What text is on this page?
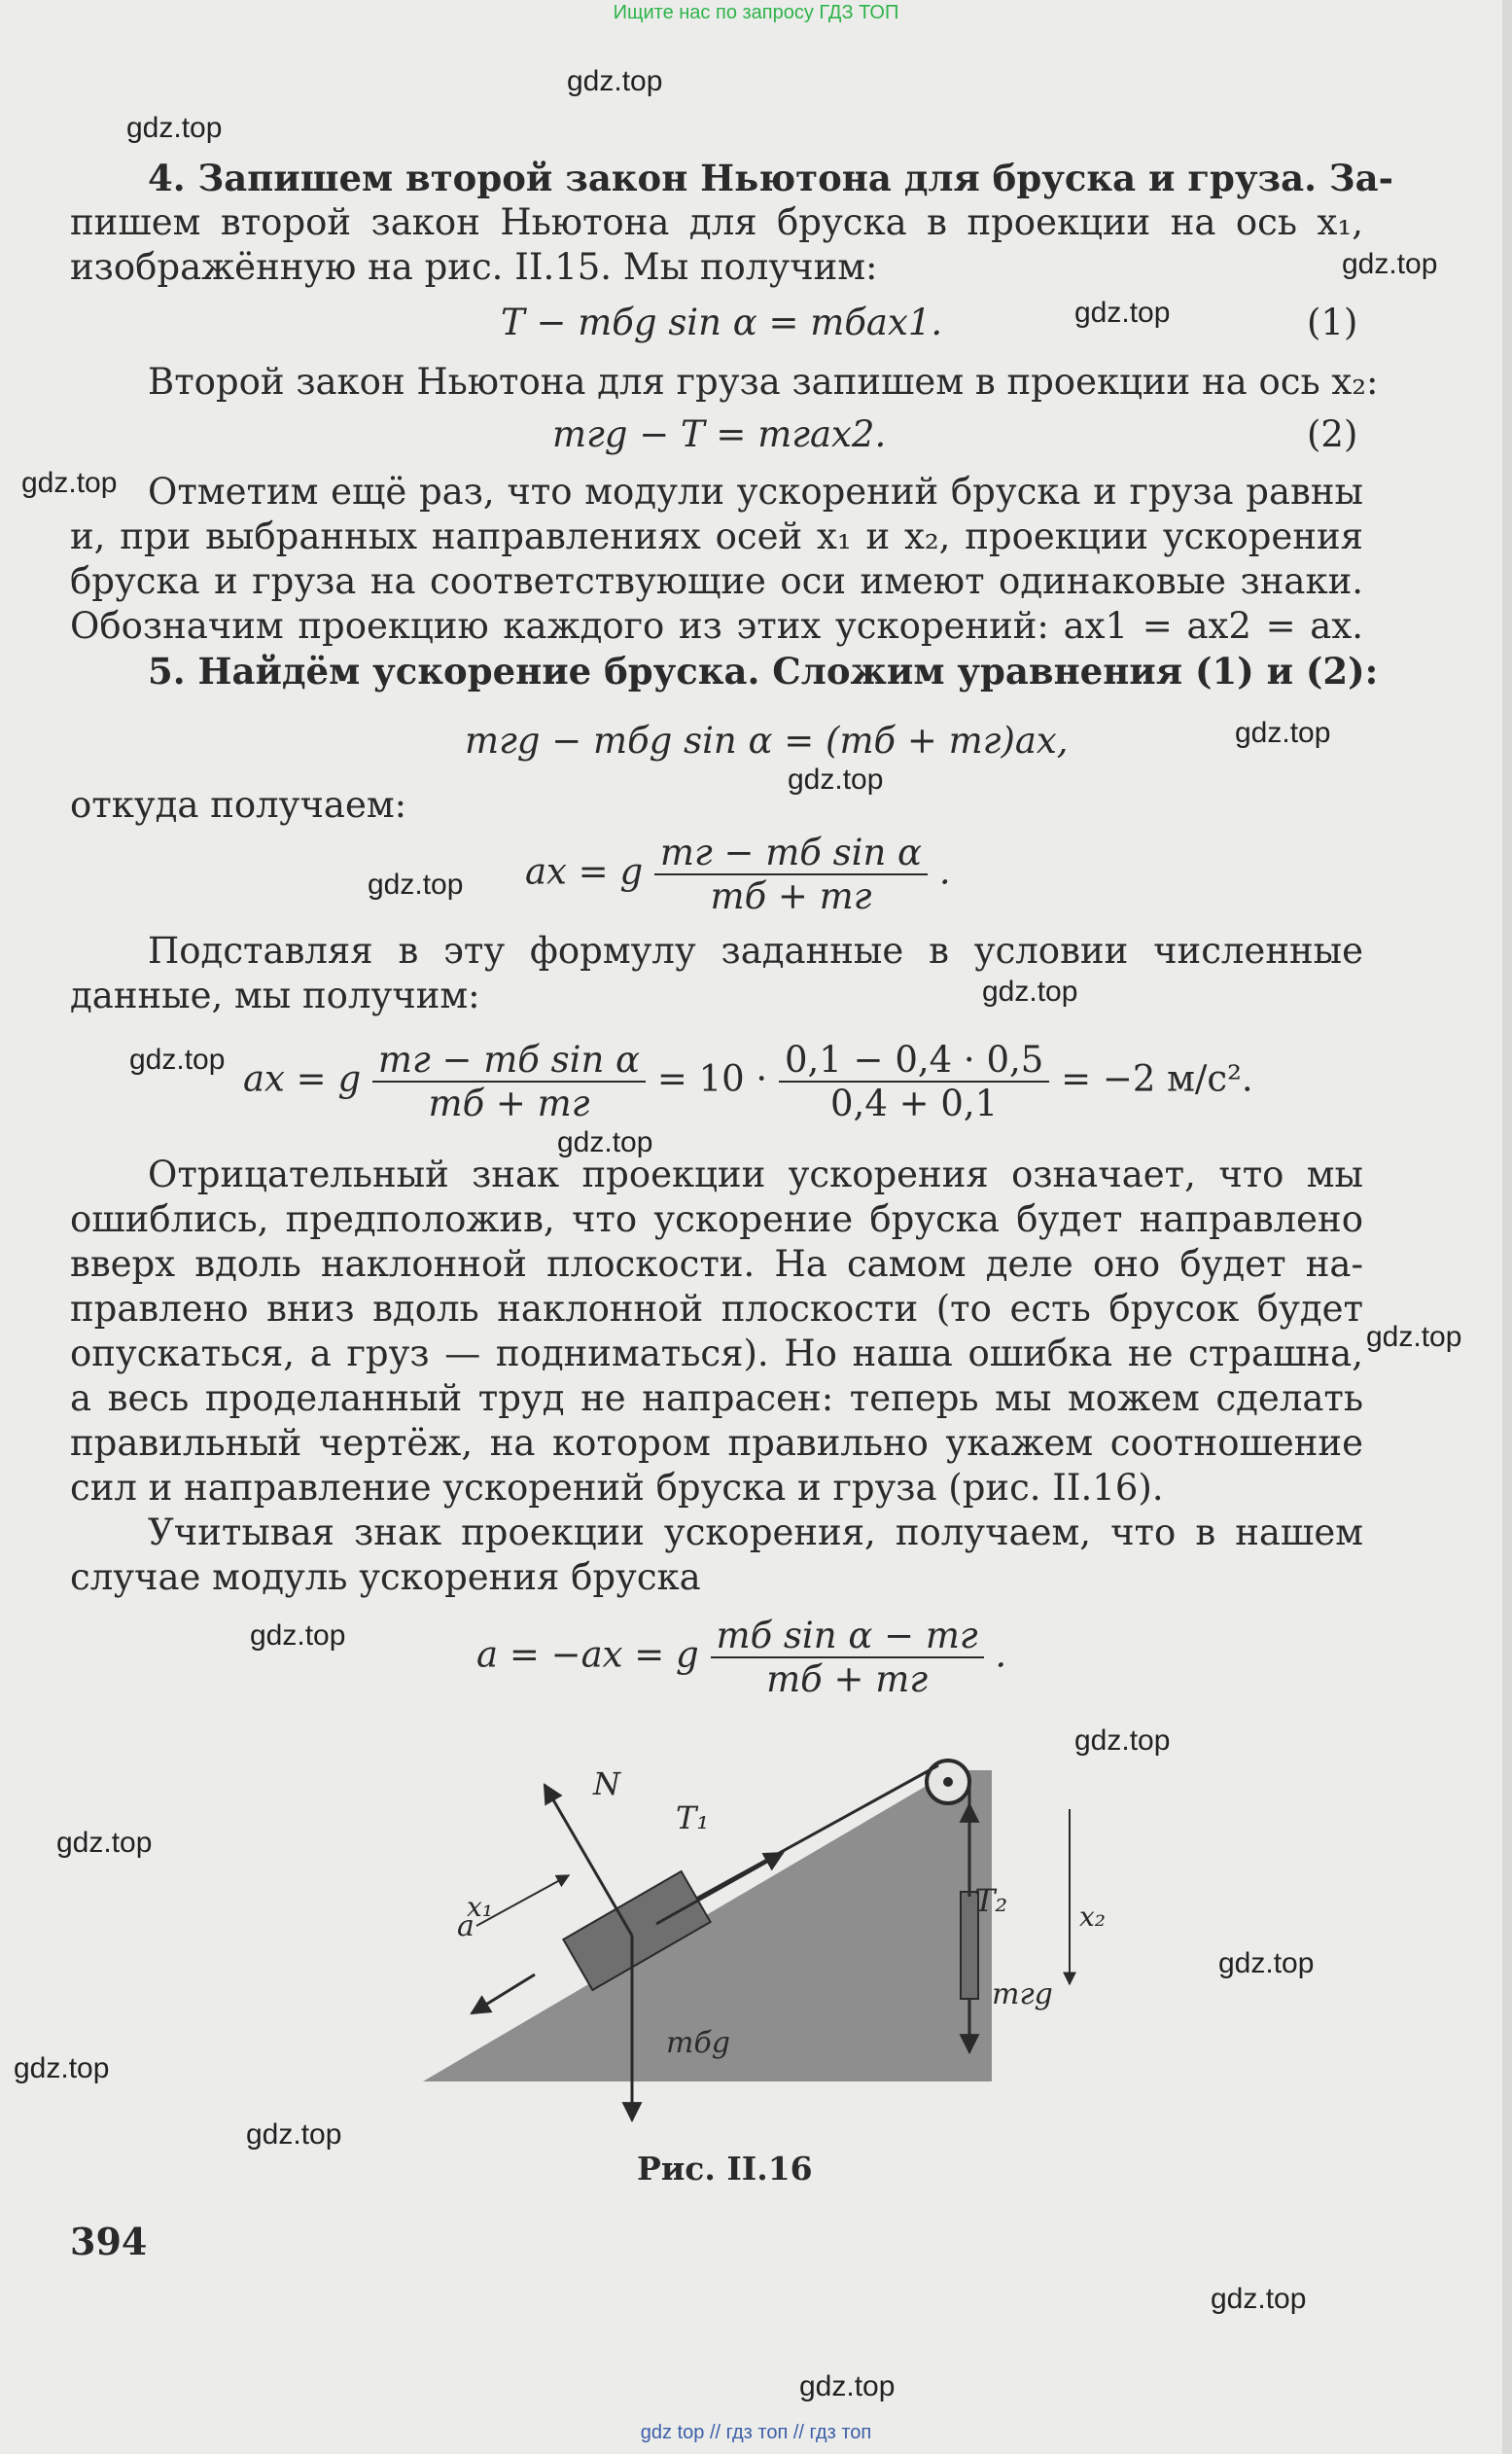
Ищите нас по запросу ГДЗ ТОП
gdz.top
gdz.top
gdz.top
gdz.top
gdz.top
gdz.top
gdz.top
gdz.top
gdz.top
gdz.top
gdz.top
gdz.top
gdz.top
gdz.top
gdz.top
gdz.top
gdz.top
gdz.top
gdz.top
gdz.top
4. Запишем второй закон Ньютона для бруска и груза. За-
пишем второй закон Ньютона для бруска в проекции на ось x₁,
изображённую на рис. II.15. Мы получим:
T − mбg sin α = mбax1.	(1)
Второй закон Ньютона для груза запишем в проекции на ось x₂:
mгg − T = mгax2.	(2)
Отметим ещё раз, что модули ускорений бруска и груза равны
и, при выбранных направлениях осей x₁ и x₂, проекции ускорения
бруска и груза на соответствующие оси имеют одинаковые знаки.
Обозначим проекцию каждого из этих ускорений: ax1 = ax2 = ax.
5. Найдём ускорение бруска. Сложим уравнения (1) и (2):
mгg − mбg sin α = (mб + mг)ax,
откуда получаем:
ax = g $\frac{\text{mг − mб sin α}}{mб + mг}$ .
Подставляя в эту формулу заданные в условии численные
данные, мы получим:
ax = g $\frac{\text{mг − mб sin α}}{mб + mг} = 10 \cdot \frac{0,1 - 0,4 \cdot 0,5}{0,4 + 0,1} = -2$ м/с².
Отрицательный знак проекции ускорения означает, что мы
ошиблись, предположив, что ускорение бруска будет направлено
вверх вдоль наклонной плоскости. На самом деле оно будет на-
правлено вниз вдоль наклонной плоскости (то есть брусок будет
опускаться, а груз — подниматься). Но наша ошибка не страшна,
а весь проделанный труд не напрасен: теперь мы можем сделать
правильный чертёж, на котором правильно укажем соотношение
сил и направление ускорений бруска и груза (рис. II.16).
Учитывая знак проекции ускорения, получаем, что в нашем
случае модуль ускорения бруска
a = −ax = g $\frac{\text{mб sin α − mг}}{mб + mг}$ .
N
T₁
T₂
x₁	x₂
a
mбg
mгg
Рис. II.16
394
gdz top // гдз топ // гдз топ
